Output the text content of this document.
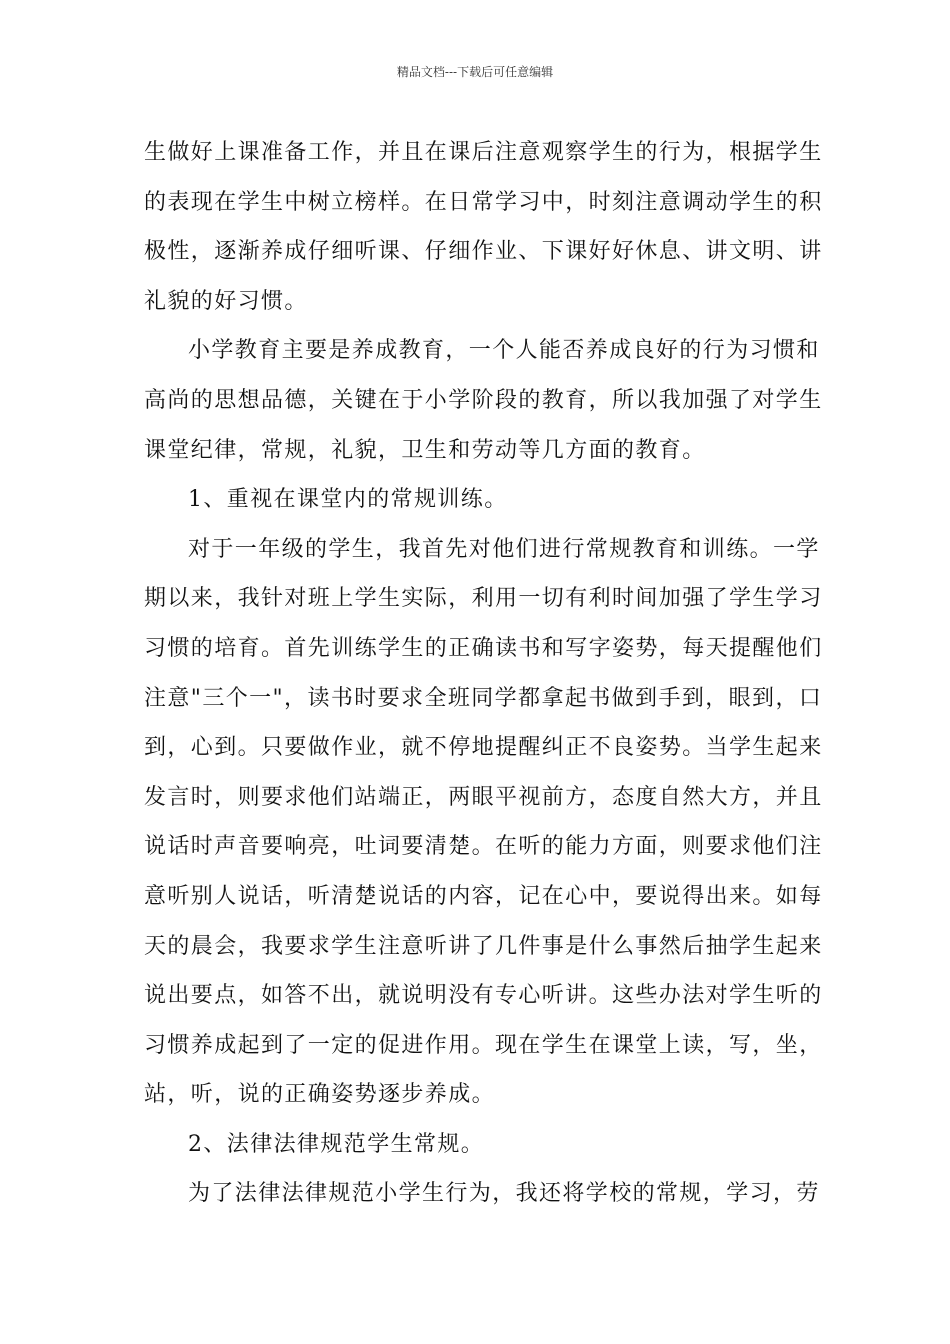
精品文档---下载后可任意编辑
生做好上课准备工作，并且在课后注意观察学生的行为，根据学生
的表现在学生中树立榜样。在日常学习中，时刻注意调动学生的积
极性，逐渐养成仔细听课、仔细作业、下课好好休息、讲文明、讲
礼貌的好习惯。
小学教育主要是养成教育，一个人能否养成良好的行为习惯和
高尚的思想品德，关键在于小学阶段的教育，所以我加强了对学生
课堂纪律，常规，礼貌，卫生和劳动等几方面的教育。
1、重视在课堂内的常规训练。
对于一年级的学生，我首先对他们进行常规教育和训练。一学
期以来，我针对班上学生实际，利用一切有利时间加强了学生学习
习惯的培育。首先训练学生的正确读书和写字姿势，每天提醒他们
注意"三个一"，读书时要求全班同学都拿起书做到手到，眼到，口
到，心到。只要做作业，就不停地提醒纠正不良姿势。当学生起来
发言时，则要求他们站端正，两眼平视前方，态度自然大方，并且
说话时声音要响亮，吐词要清楚。在听的能力方面，则要求他们注
意听别人说话，听清楚说话的内容，记在心中，要说得出来。如每
天的晨会，我要求学生注意听讲了几件事是什么事然后抽学生起来
说出要点，如答不出，就说明没有专心听讲。这些办法对学生听的
习惯养成起到了一定的促进作用。现在学生在课堂上读，写，坐，
站，听，说的正确姿势逐步养成。
2、法律法律规范学生常规。
为了法律法律规范小学生行为，我还将学校的常规，学习，劳
